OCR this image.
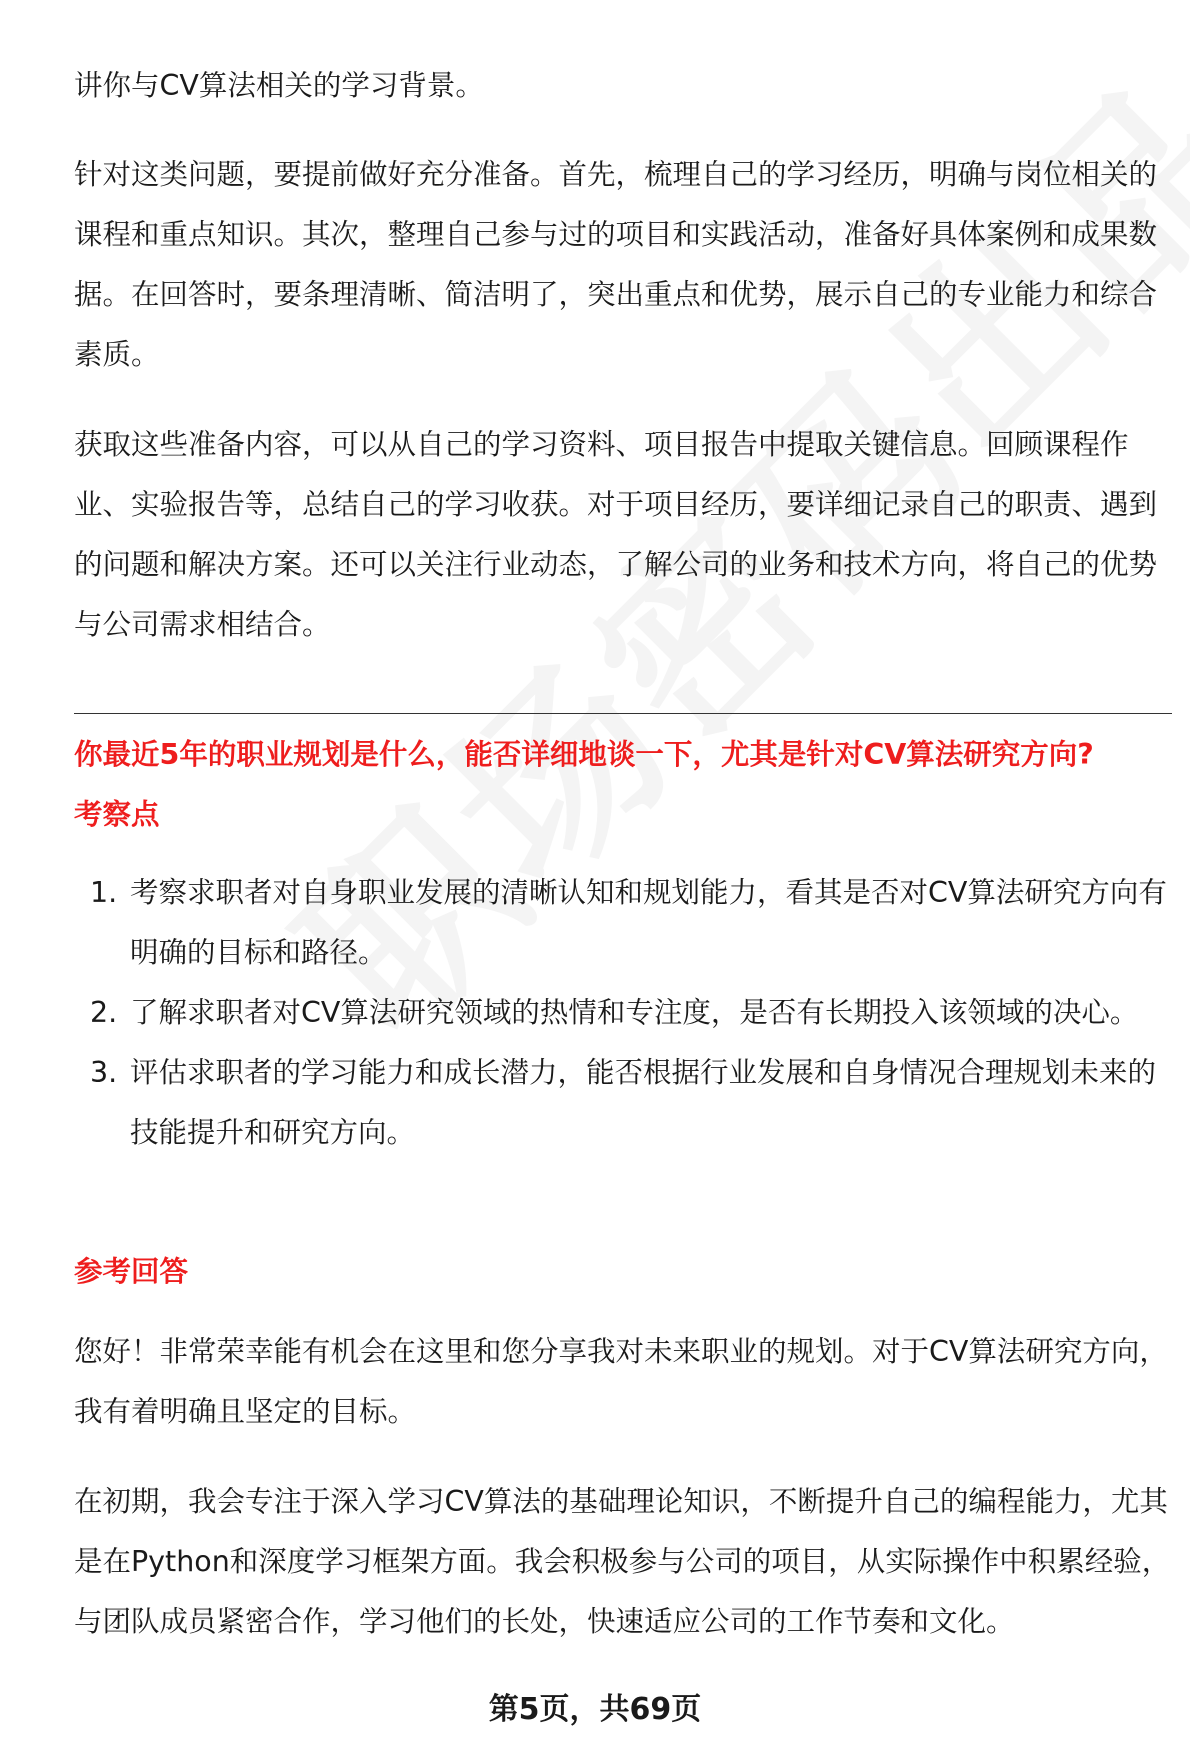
讲你与CV算法相关的学习背景。

针对这类问题，要提前做好充分准备。首先，梳理自己的学习经历，明确与岗位相关的课程和重点知识。其次，整理自己参与过的项目和实践活动，准备好具体案例和成果数据。在回答时，要条理清晰、简洁明了，突出重点和优势，展示自己的专业能力和综合素质。

获取这些准备内容，可以从自己的学习资料、项目报告中提取关键信息。回顾课程作业、实验报告等，总结自己的学习收获。对于项目经历，要详细记录自己的职责、遇到的问题和解决方案。还可以关注行业动态，了解公司的业务和技术方向，将自己的优势与公司需求相结合。

你最近5年的职业规划是什么，能否详细地谈一下，尤其是针对CV算法研究方向?

考察点

1. 考察求职者对自身职业发展的清晰认知和规划能力，看其是否对CV算法研究方向有明确的目标和路径。
2. 了解求职者对CV算法研究领域的热情和专注度，是否有长期投入该领域的决心。
3. 评估求职者的学习能力和成长潜力，能否根据行业发展和自身情况合理规划未来的技能提升和研究方向。

参考回答

您好！非常荣幸能有机会在这里和您分享我对未来职业的规划。对于CV算法研究方向，我有着明确且坚定的目标。

在初期，我会专注于深入学习CV算法的基础理论知识，不断提升自己的编程能力，尤其是在Python和深度学习框架方面。我会积极参与公司的项目，从实际操作中积累经验，与团队成员紧密合作，学习他们的长处，快速适应公司的工作节奏和文化。

第5页，共69页
